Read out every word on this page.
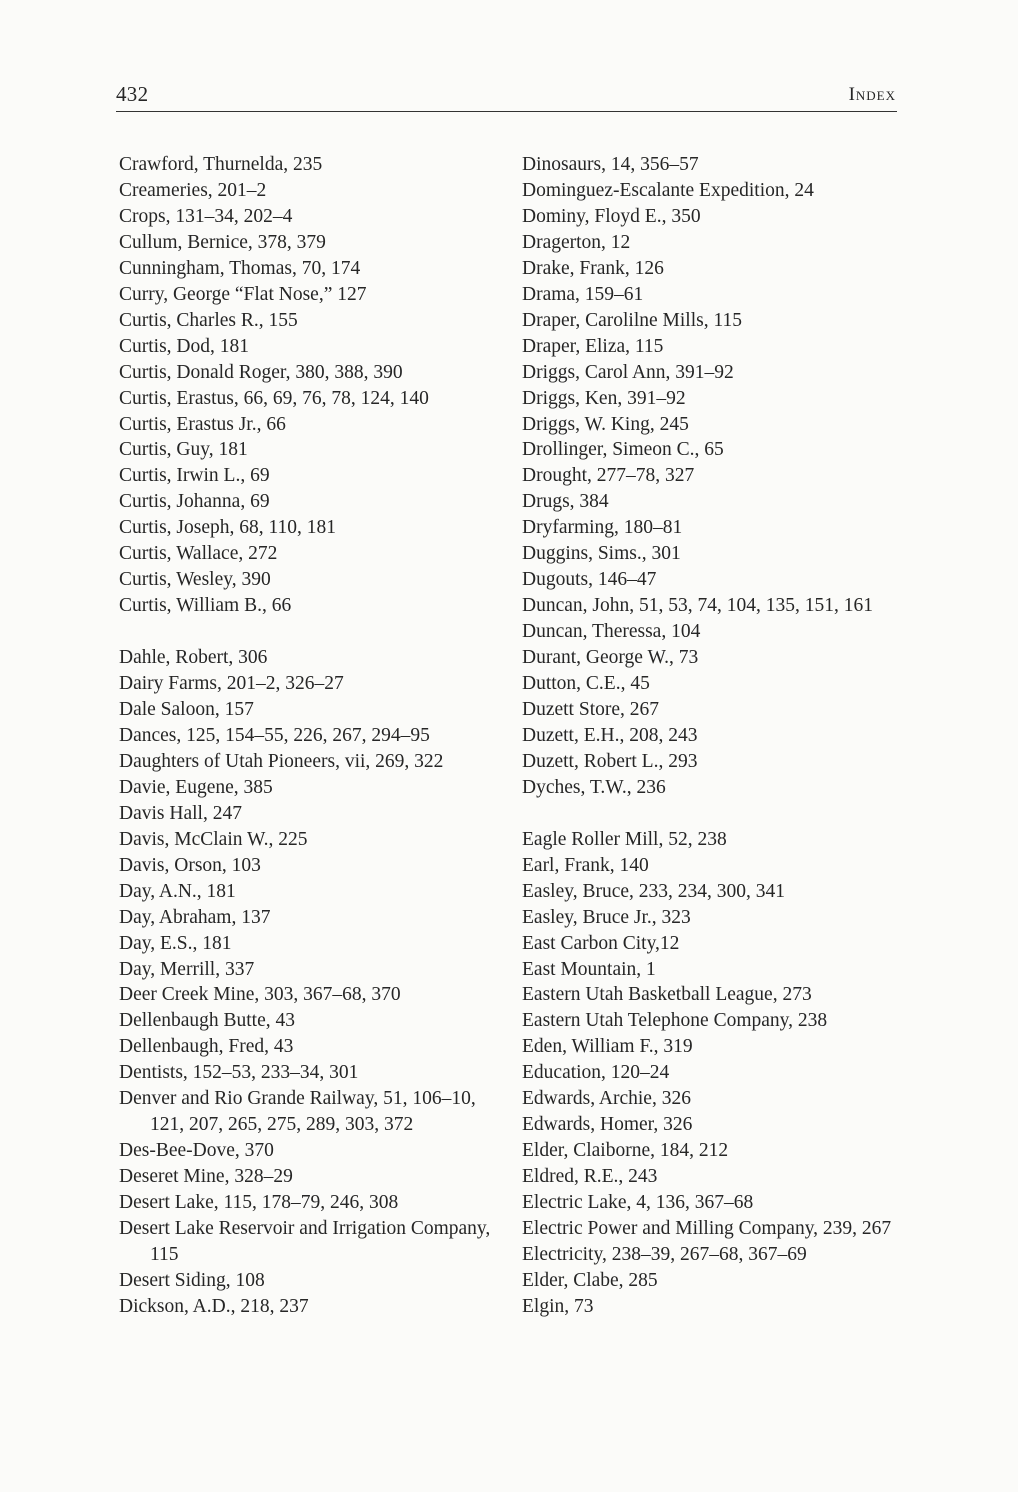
432	Index
Crawford, Thurnelda, 235
Creameries, 201–2
Crops, 131–34, 202–4
Cullum, Bernice, 378, 379
Cunningham, Thomas, 70, 174
Curry, George “Flat Nose,” 127
Curtis, Charles R., 155
Curtis, Dod, 181
Curtis, Donald Roger, 380, 388, 390
Curtis, Erastus, 66, 69, 76, 78, 124, 140
Curtis, Erastus Jr., 66
Curtis, Guy, 181
Curtis, Irwin L., 69
Curtis, Johanna, 69
Curtis, Joseph, 68, 110, 181
Curtis, Wallace, 272
Curtis, Wesley, 390
Curtis, William B., 66
Dahle, Robert, 306
Dairy Farms, 201–2, 326–27
Dale Saloon, 157
Dances, 125, 154–55, 226, 267, 294–95
Daughters of Utah Pioneers, vii, 269, 322
Davie, Eugene, 385
Davis Hall, 247
Davis, McClain W., 225
Davis, Orson, 103
Day, A.N., 181
Day, Abraham, 137
Day, E.S., 181
Day, Merrill, 337
Deer Creek Mine, 303, 367–68, 370
Dellenbaugh Butte, 43
Dellenbaugh, Fred, 43
Dentists, 152–53, 233–34, 301
Denver and Rio Grande Railway, 51, 106–10, 121, 207, 265, 275, 289, 303, 372
Des-Bee-Dove, 370
Deseret Mine, 328–29
Desert Lake, 115, 178–79, 246, 308
Desert Lake Reservoir and Irrigation Company, 115
Desert Siding, 108
Dickson, A.D., 218, 237
Dinosaurs, 14, 356–57
Dominguez-Escalante Expedition, 24
Dominy, Floyd E., 350
Dragerton, 12
Drake, Frank, 126
Drama, 159–61
Draper, Carolilne Mills, 115
Draper, Eliza, 115
Driggs, Carol Ann, 391–92
Driggs, Ken, 391–92
Driggs, W. King, 245
Drollinger, Simeon C., 65
Drought, 277–78, 327
Drugs, 384
Dryfarming, 180–81
Duggins, Sims., 301
Dugouts, 146–47
Duncan, John, 51, 53, 74, 104, 135, 151, 161
Duncan, Theressa, 104
Durant, George W., 73
Dutton, C.E., 45
Duzett Store, 267
Duzett, E.H., 208, 243
Duzett, Robert L., 293
Dyches, T.W., 236
Eagle Roller Mill, 52, 238
Earl, Frank, 140
Easley, Bruce, 233, 234, 300, 341
Easley, Bruce Jr., 323
East Carbon City,12
East Mountain, 1
Eastern Utah Basketball League, 273
Eastern Utah Telephone Company, 238
Eden, William F., 319
Education, 120–24
Edwards, Archie, 326
Edwards, Homer, 326
Elder, Claiborne, 184, 212
Eldred, R.E., 243
Electric Lake, 4, 136, 367–68
Electric Power and Milling Company, 239, 267
Electricity, 238–39, 267–68, 367–69
Elder, Clabe, 285
Elgin, 73
